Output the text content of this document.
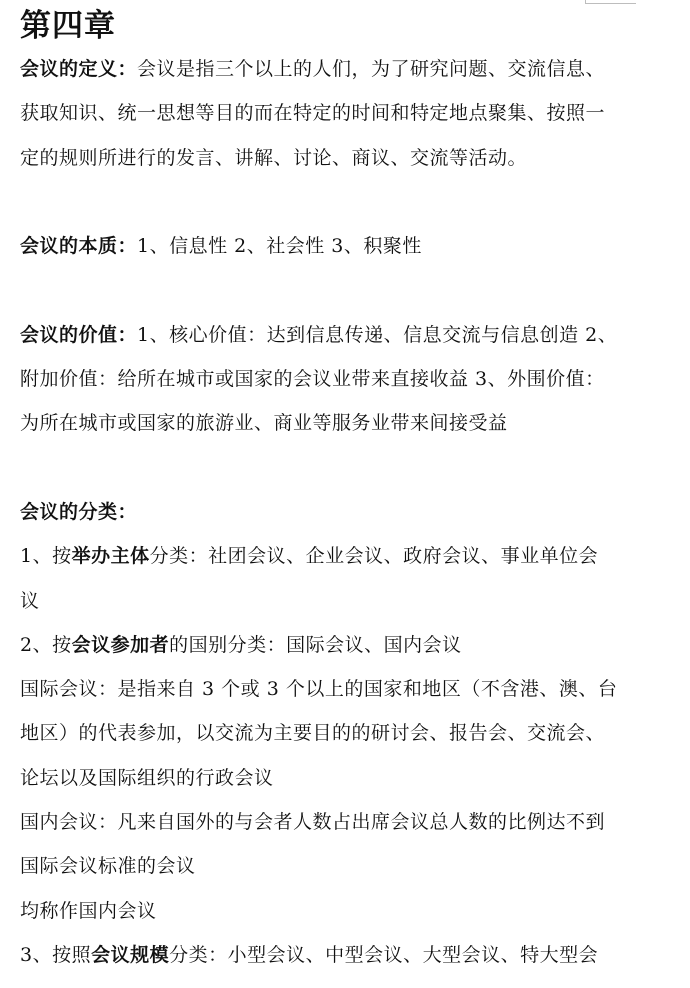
第四章
会议的定义：会议是指三个以上的人们，为了研究问题、交流信息、
获取知识、统一思想等目的而在特定的时间和特定地点聚集、按照一
定的规则所进行的发言、讲解、讨论、商议、交流等活动。
会议的本质：1、信息性 2、社会性 3、积聚性
会议的价值：1、核心价值：达到信息传递、信息交流与信息创造 2、
附加价值：给所在城市或国家的会议业带来直接收益 3、外围价值：
为所在城市或国家的旅游业、商业等服务业带来间接受益
会议的分类：
1、按举办主体分类：社团会议、企业会议、政府会议、事业单位会
议
2、按会议参加者的国别分类：国际会议、国内会议
国际会议：是指来自 3 个或 3 个以上的国家和地区（不含港、澳、台
地区）的代表参加，以交流为主要目的的研讨会、报告会、交流会、
论坛以及国际组织的行政会议
国内会议：凡来自国外的与会者人数占出席会议总人数的比例达不到
国际会议标准的会议
均称作国内会议
3、按照会议规模分类：小型会议、中型会议、大型会议、特大型会
